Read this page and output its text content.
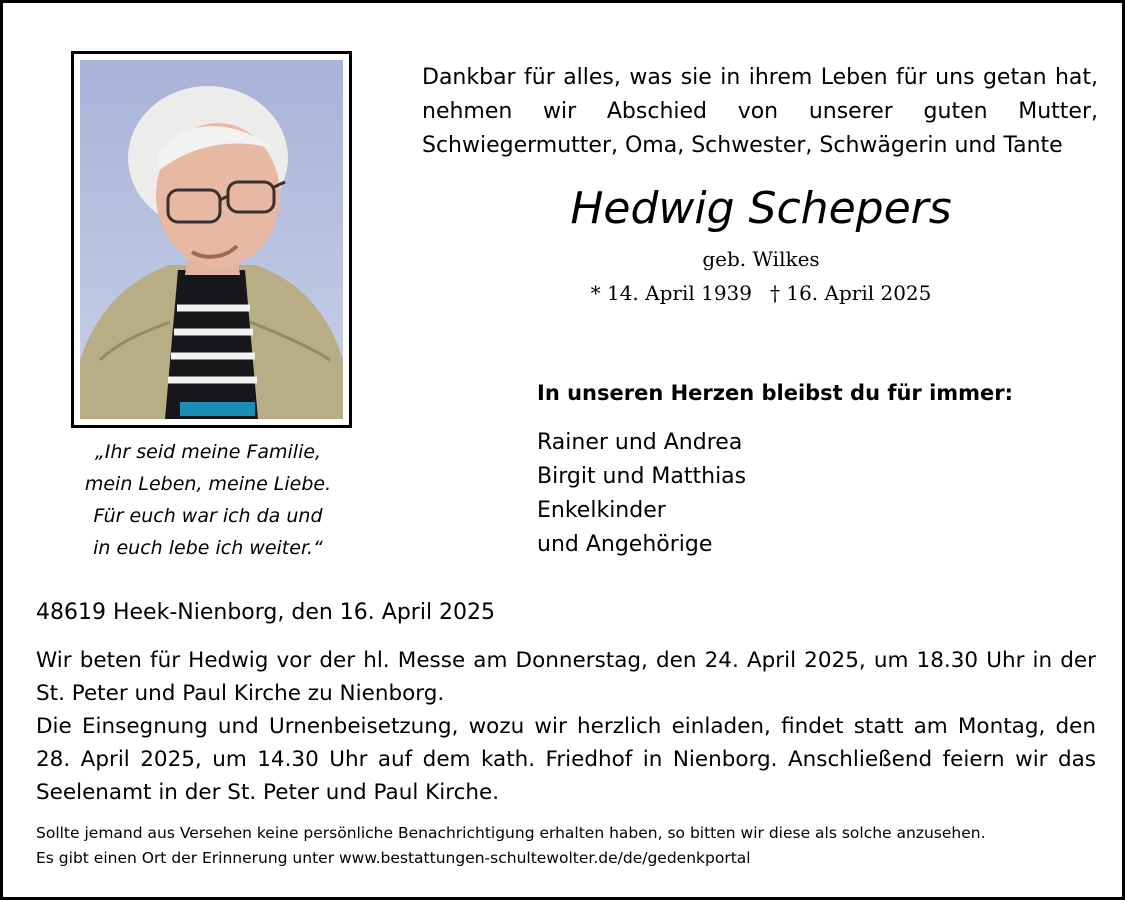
„Ihr seid meine Familie,
mein Leben, meine Liebe.
Für euch war ich da und
in euch lebe ich weiter.“
Dankbar für alles, was sie in ihrem Leben für uns getan hat, nehmen wir Abschied von unserer guten Mutter,
Schwiegermutter, Oma, Schwester, Schwägerin und Tante
Hedwig Schepers
geb. Wilkes
* 14. April 1939 † 16. April 2025
In unseren Herzen bleibst du für immer:
Rainer und Andrea
Birgit und Matthias
Enkelkinder
und Angehörige
48619 Heek-Nienborg, den 16. April 2025

Wir beten für Hedwig vor der hl. Messe am Donnerstag, den 24. April 2025, um 18.30 Uhr in der St. Peter und Paul Kirche zu Nienborg.

Die Einsegnung und Urnenbeisetzung, wozu wir herzlich einladen, findet statt am Montag, den 28. April 2025, um 14.30 Uhr auf dem kath. Friedhof in Nienborg. Anschließend feiern wir das Seelenamt in der St. Peter und Paul Kirche.

Sollte jemand aus Versehen keine persönliche Benachrichtigung erhalten haben, so bitten wir diese als solche anzusehen.
Es gibt einen Ort der Erinnerung unter www.bestattungen-schultewolter.de/de/gedenkportal
